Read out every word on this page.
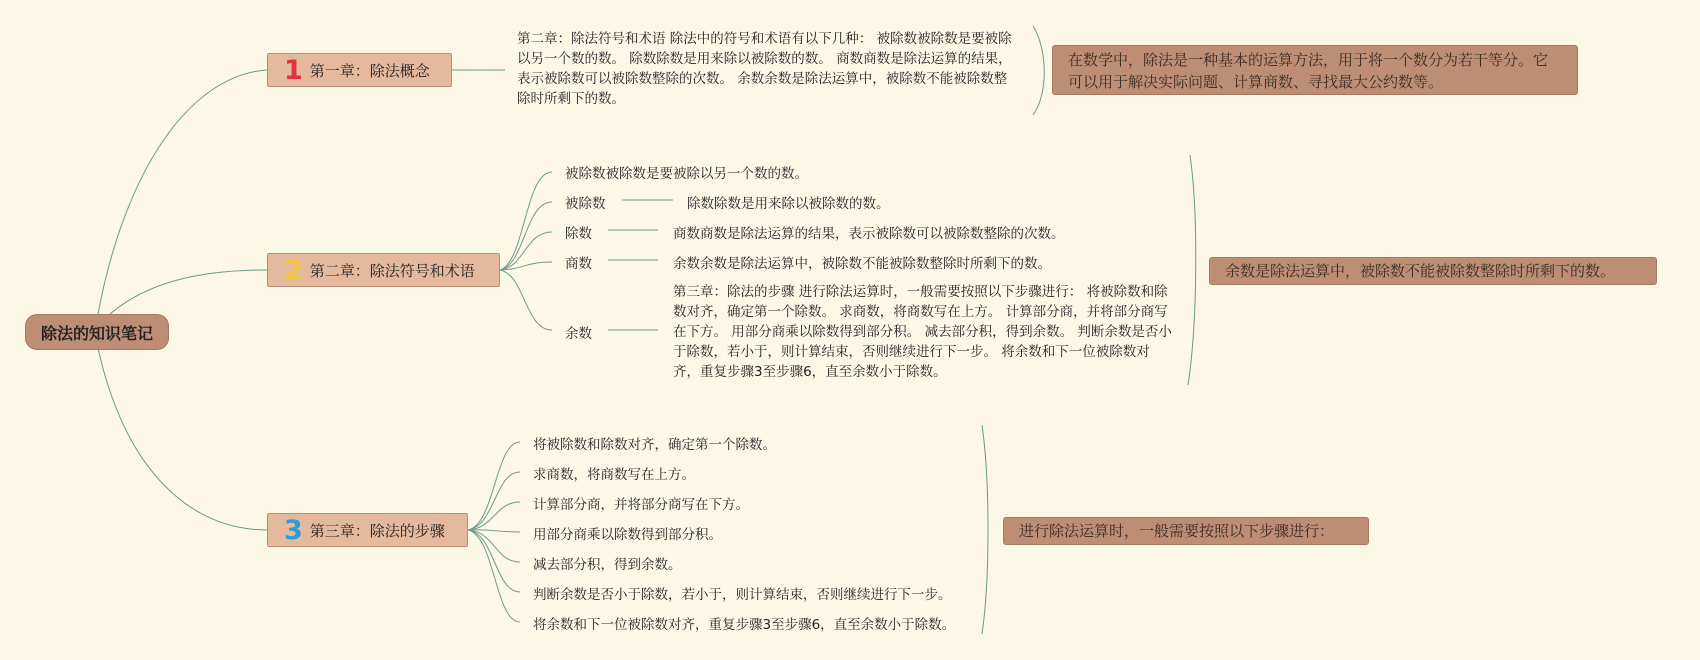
除法的知识笔记
1 第一章：除法概念
2 第二章：除法符号和术语
3 第三章：除法的步骤
第二章：除法符号和术语 除法中的符号和术语有以下几种： 被除数被除数是要被除以另一个数的数。 除数除数是用来除以被除数的数。 商数商数是除法运算的结果，表示被除数可以被除数整除的次数。 余数余数是除法运算中，被除数不能被除数整除时所剩下的数。
被除数被除数是要被除以另一个数的数。
被除数
除数
商数
余数
除数除数是用来除以被除数的数。
商数商数是除法运算的结果，表示被除数可以被除数整除的次数。
余数余数是除法运算中，被除数不能被除数整除时所剩下的数。
第三章：除法的步骤 进行除法运算时，一般需要按照以下步骤进行： 将被除数和除数对齐，确定第一个除数。 求商数，将商数写在上方。 计算部分商，并将部分商写在下方。 用部分商乘以除数得到部分积。 减去部分积，得到余数。 判断余数是否小于除数，若小于，则计算结束，否则继续进行下一步。 将余数和下一位被除数对齐，重复步骤3至步骤6，直至余数小于除数。
将被除数和除数对齐，确定第一个除数。
求商数，将商数写在上方。
计算部分商，并将部分商写在下方。
用部分商乘以除数得到部分积。
减去部分积，得到余数。
判断余数是否小于除数，若小于，则计算结束，否则继续进行下一步。
将余数和下一位被除数对齐，重复步骤3至步骤6，直至余数小于除数。
在数学中，除法是一种基本的运算方法，用于将一个数分为若干等分。它可以用于解决实际问题、计算商数、寻找最大公约数等。
余数是除法运算中，被除数不能被除数整除时所剩下的数。
进行除法运算时，一般需要按照以下步骤进行：
